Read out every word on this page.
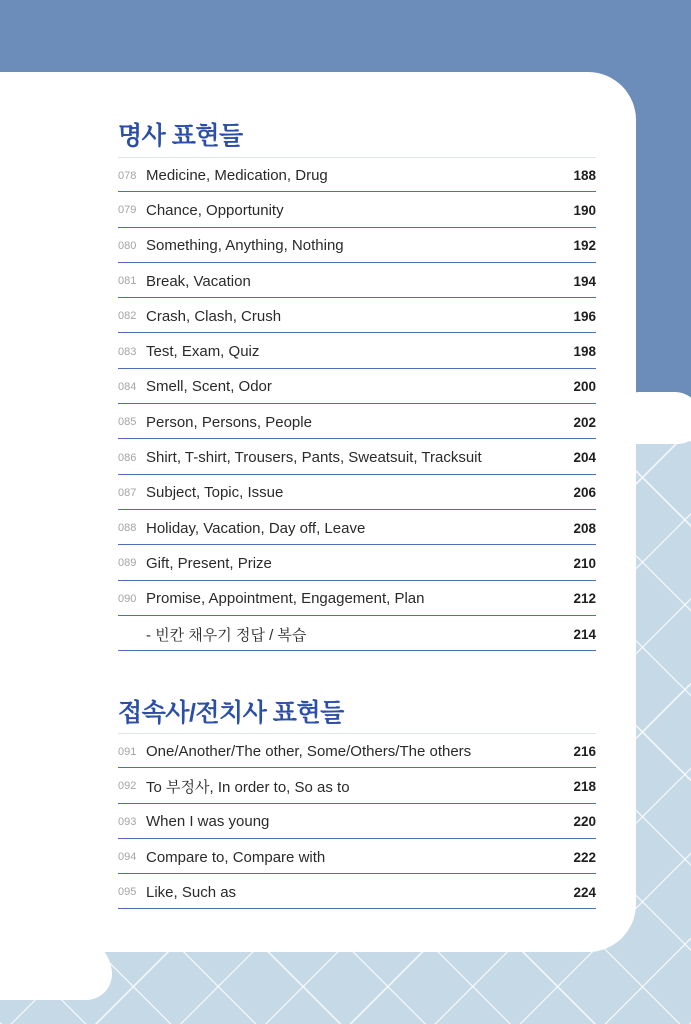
명사 표현들
078 Medicine, Medication, Drug	188
079 Chance, Opportunity	190
080 Something, Anything, Nothing	192
081 Break, Vacation	194
082 Crash, Clash, Crush	196
083 Test, Exam, Quiz	198
084 Smell, Scent, Odor	200
085 Person, Persons, People	202
086 Shirt, T-shirt, Trousers, Pants, Sweatsuit, Tracksuit	204
087 Subject, Topic, Issue	206
088 Holiday, Vacation, Day off, Leave	208
089 Gift, Present, Prize	210
090 Promise, Appointment, Engagement, Plan	212
- 빈칸 채우기 정답 / 복습	214
접속사/전치사 표현들
091 One/Another/The other, Some/Others/The others	216
092 To 부정사, In order to, So as to	218
093 When I was young	220
094 Compare to, Compare with	222
095 Like, Such as	224
